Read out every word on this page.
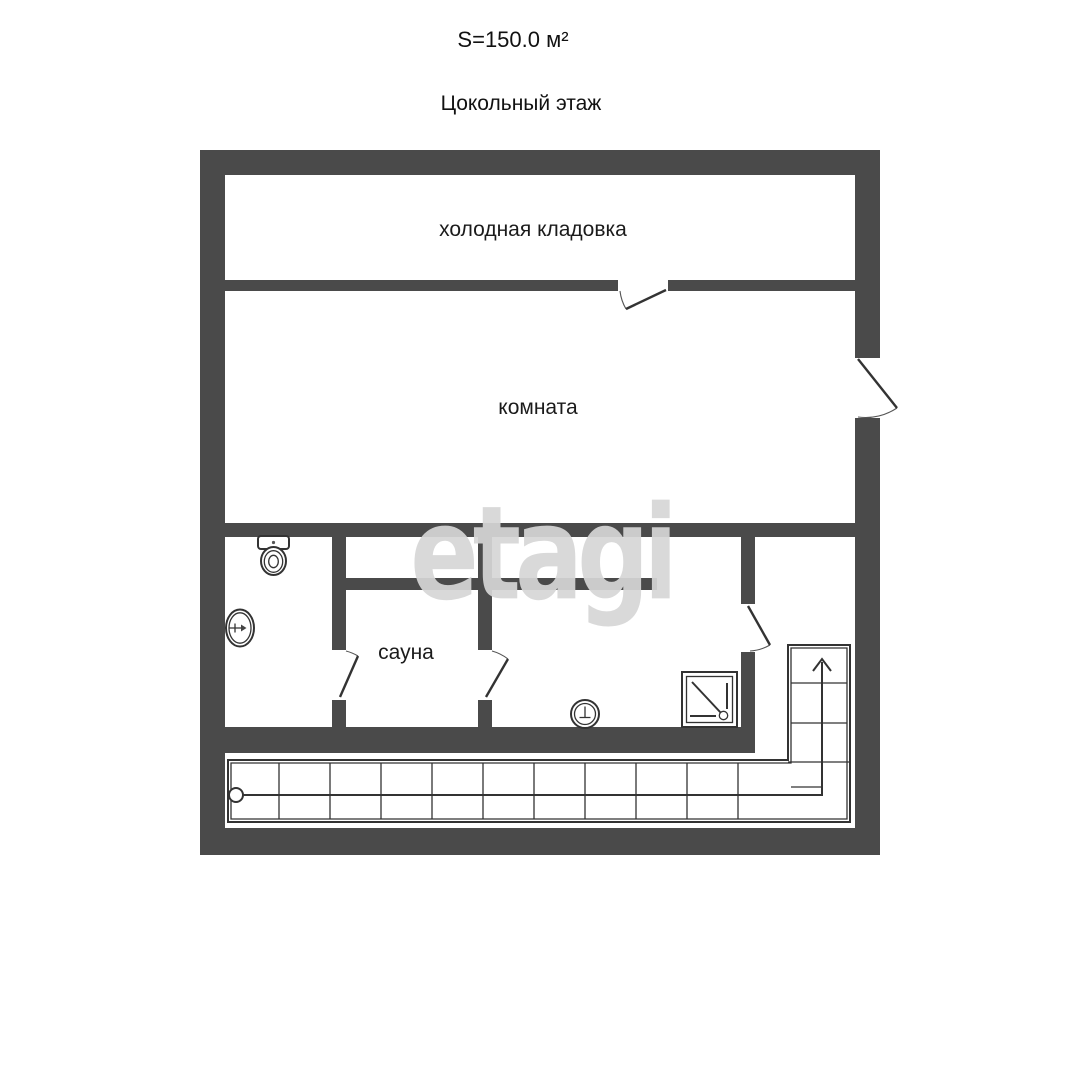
S=150.0 м²
Цокольный этаж
холодная кладовка
комната
сауна
etagi
